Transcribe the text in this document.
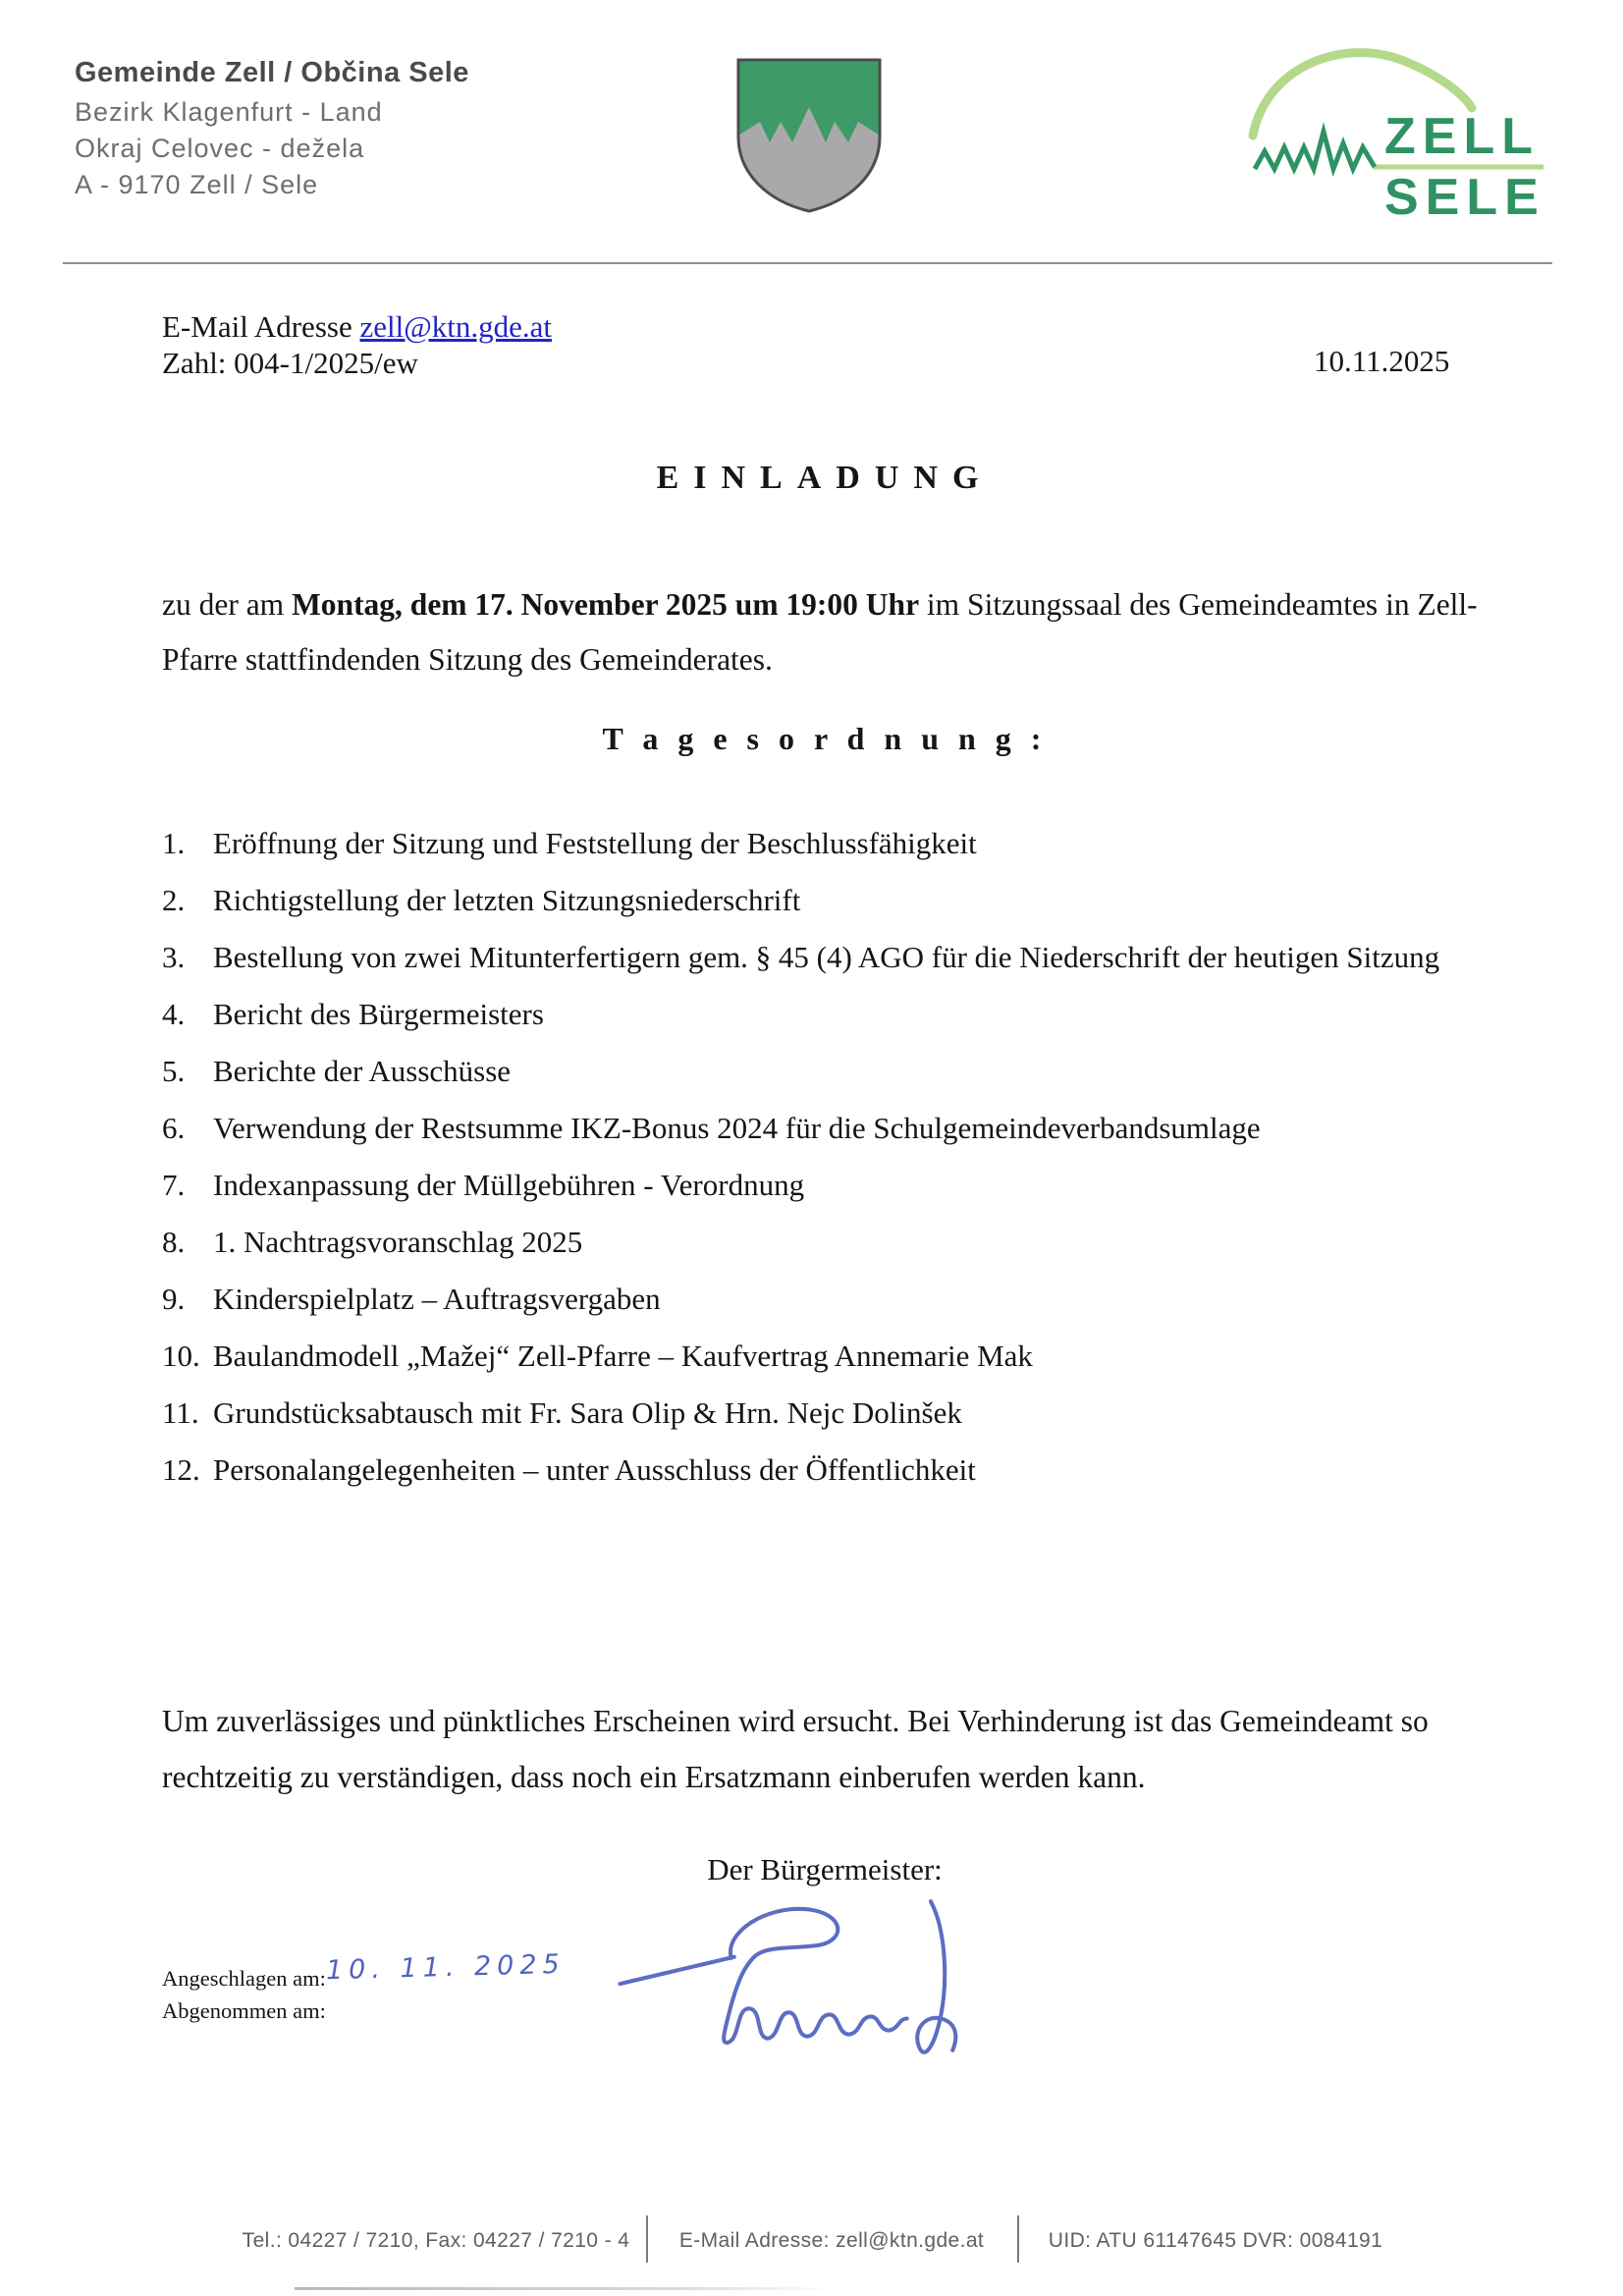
Gemeinde Zell / Občina Sele
Bezirk Klagenfurt - Land
Okraj Celovec - dežela
A - 9170 Zell / Sele
ZELL
SELE
E-Mail Adresse zell@ktn.gde.at
Zahl: 004-1/2025/ew	10.11.2025
EINLADUNG

zu der am Montag, dem 17. November 2025 um 19:00 Uhr im Sitzungssaal des Gemeindeamtes in Zell-Pfarre stattfindenden Sitzung des Gemeinderates.

T a g e s o r d n u n g :
Eröffnung der Sitzung und Feststellung der Beschlussfähigkeit
Richtigstellung der letzten Sitzungsniederschrift
Bestellung von zwei Mitunterfertigern gem. § 45 (4) AGO für die Niederschrift der heutigen Sitzung
Bericht des Bürgermeisters
Berichte der Ausschüsse
Verwendung der Restsumme IKZ-Bonus 2024 für die Schulgemeindeverbandsumlage
Indexanpassung der Müllgebühren - Verordnung
1. Nachtragsvoranschlag 2025
Kinderspielplatz – Auftragsvergaben
Baulandmodell „Mažej“ Zell-Pfarre – Kaufvertrag Annemarie Mak
Grundstücksabtausch mit Fr. Sara Olip & Hrn. Nejc Dolinšek
Personalangelegenheiten – unter Ausschluss der Öffentlichkeit

Um zuverlässiges und pünktliches Erscheinen wird ersucht. Bei Verhinderung ist das Gemeindeamt so rechtzeitig zu verständigen, dass noch ein Ersatzmann einberufen werden kann.

Der Bürgermeister:
Angeschlagen am:
Abgenommen am:
10. 11. 2025
Tel.: 04227 / 7210, Fax: 04227 / 7210 - 4 E-Mail Adresse: zell@ktn.gde.at	UID: ATU 61147645 DVR: 0084191
